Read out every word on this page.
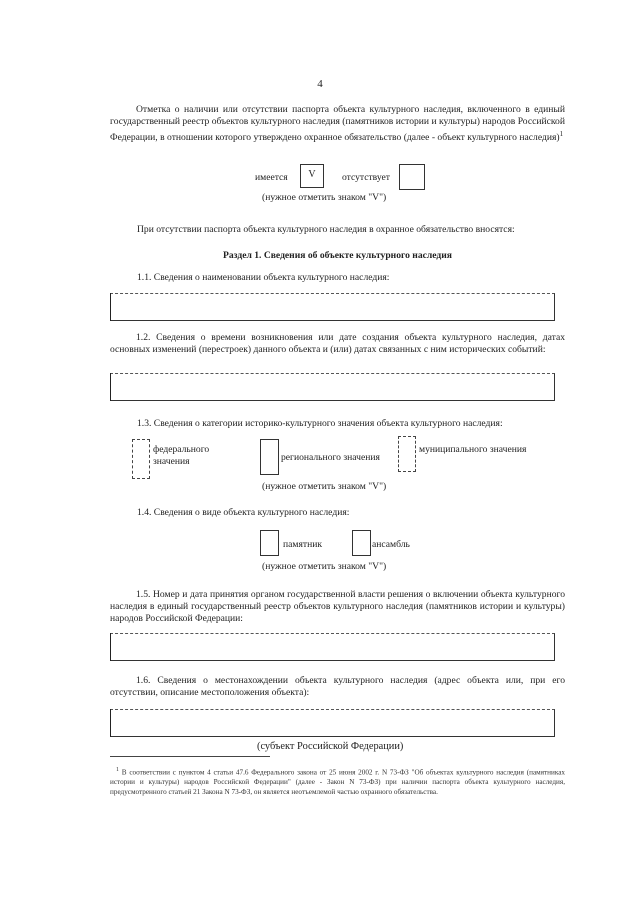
4
Отметка о наличии или отсутствии паспорта объекта культурного наследия, включенного в единый государственный реестр объектов культурного наследия (памятников истории и культуры) народов Российской Федерации, в отношении которого утверждено охранное обязательство (далее - объект культурного наследия)$^1$
имеется	V	отсутствует
(нужное отметить знаком "V")
При отсутствии паспорта объекта культурного наследия в охранное обязательство вносятся:
Раздел 1. Сведения об объекте культурного наследия
1.1. Сведения о наименовании объекта культурного наследия:
1.2. Сведения о времени возникновения или дате создания объекта культурного наследия, датах основных изменений (перестроек) данного объекта и (или) датах связанных с ним исторических событий:
1.3. Сведения о категории историко-культурного значения объекта культурного наследия:
федерального
значения	регионального значения
муниципального значения
(нужное отметить знаком "V")
1.4. Сведения о виде объекта культурного наследия:
памятник	ансамбль
(нужное отметить знаком "V")
1.5. Номер и дата принятия органом государственной власти решения о включении объекта культурного наследия в единый государственный реестр объектов культурного наследия (памятников истории и культуры) народов Российской Федерации:
1.6. Сведения о местонахождении объекта культурного наследия (адрес объекта или, при его отсутствии, описание местоположения объекта):
(субъект Российской Федерации)
$^1$ В соответствии с пунктом 4 статьи 47.6 Федерального закона от 25 июня 2002 г. N 73-ФЗ "Об объектах культурного наследия (памятниках истории и культуры) народов Российской Федерации" (далее - Закон N 73-ФЗ) при наличии паспорта объекта культурного наследия, предусмотренного статьей 21 Закона N 73-ФЗ, он является неотъемлемой частью охранного обязательства.
